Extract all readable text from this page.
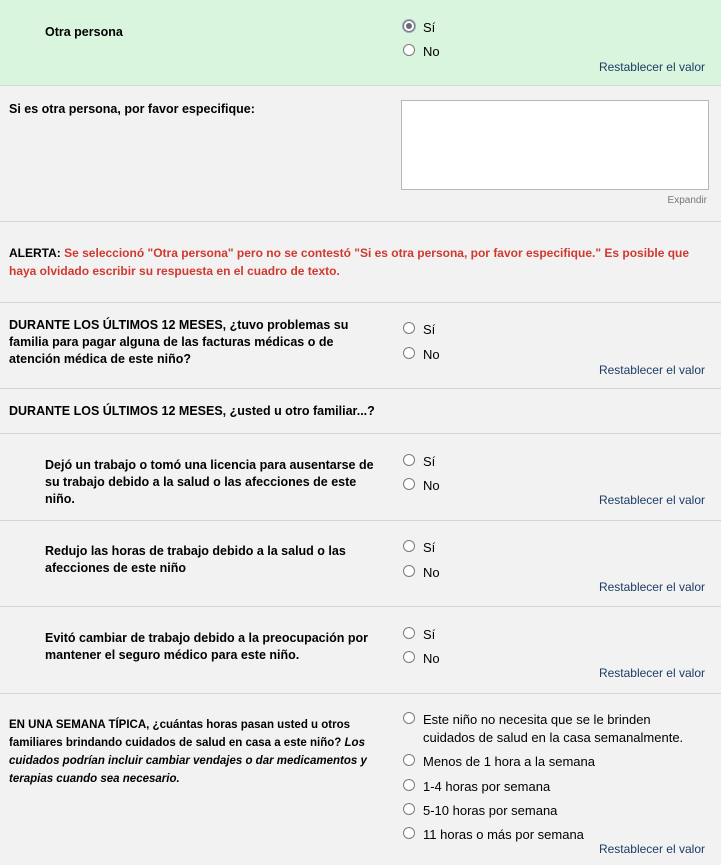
Otra persona	Sí
No
Restablecer el valor
Si es otra persona, por favor especifique:
Expandir
ALERTA: Se seleccionó "Otra persona" pero no se contestó "Si es otra persona, por favor especifique." Es posible que haya olvidado escribir su respuesta en el cuadro de texto.
DURANTE LOS ÚLTIMOS 12 MESES, ¿tuvo problemas su familia para pagar alguna de las facturas médicas o de atención médica de este niño?
Sí
No
Restablecer el valor
DURANTE LOS ÚLTIMOS 12 MESES, ¿usted u otro familiar...?
Dejó un trabajo o tomó una licencia para ausentarse de su trabajo debido a la salud o las afecciones de este niño.
Sí
No
Restablecer el valor
Redujo las horas de trabajo debido a la salud o las afecciones de este niño
Sí
No
Restablecer el valor
Evitó cambiar de trabajo debido a la preocupación por mantener el seguro médico para este niño.
Sí
No
Restablecer el valor
EN UNA SEMANA TÍPICA, ¿cuántas horas pasan usted u otros familiares brindando cuidados de salud en casa a este niño? Los cuidados podrían incluir cambiar vendajes o dar medicamentos y terapias cuando sea necesario.
Este niño no necesita que se le brinden cuidados de salud en la casa semanalmente.
Menos de 1 hora a la semana
1-4 horas por semana
5-10 horas por semana
11 horas o más por semana
Restablecer el valor
